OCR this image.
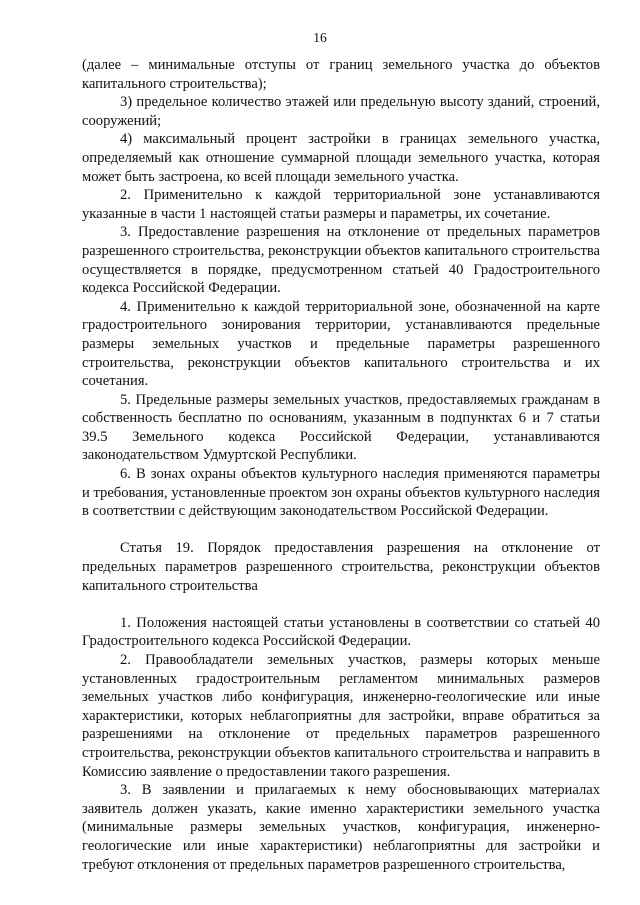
16

(далее – минимальные отступы от границ земельного участка до объектов капитального строительства);

3) предельное количество этажей или предельную высоту зданий, строений, сооружений;

4) максимальный процент застройки в границах земельного участка, определяемый как отношение суммарной площади земельного участка, которая может быть застроена, ко всей площади земельного участка.

2. Применительно к каждой территориальной зоне устанавливаются указанные в части 1 настоящей статьи размеры и параметры, их сочетание.

3. Предоставление разрешения на отклонение от предельных параметров разрешенного строительства, реконструкции объектов капитального строительства осуществляется в порядке, предусмотренном статьей 40 Градостроительного кодекса Российской Федерации.

4. Применительно к каждой территориальной зоне, обозначенной на карте градостроительного зонирования территории, устанавливаются предельные размеры земельных участков и предельные параметры разрешенного строительства, реконструкции объектов капитального строительства и их сочетания.

5. Предельные размеры земельных участков, предоставляемых гражданам в собственность бесплатно по основаниям, указанным в подпунктах 6 и 7 статьи 39.5 Земельного кодекса Российской Федерации, устанавливаются законодательством Удмуртской Республики.

6. В зонах охраны объектов культурного наследия применяются параметры и требования, установленные проектом зон охраны объектов культурного наследия в соответствии с действующим законодательством Российской Федерации.

Статья 19. Порядок предоставления разрешения на отклонение от предельных параметров разрешенного строительства, реконструкции объектов капитального строительства

1. Положения настоящей статьи установлены в соответствии со статьей 40 Градостроительного кодекса Российской Федерации.

2. Правообладатели земельных участков, размеры которых меньше установленных градостроительным регламентом минимальных размеров земельных участков либо конфигурация, инженерно-геологические или иные характеристики, которых неблагоприятны для застройки, вправе обратиться за разрешениями на отклонение от предельных параметров разрешенного строительства, реконструкции объектов капитального строительства и направить в Комиссию заявление о предоставлении такого разрешения.

3. В заявлении и прилагаемых к нему обосновывающих материалах заявитель должен указать, какие именно характеристики земельного участка (минимальные размеры земельных участков, конфигурация, инженерно-геологические или иные характеристики) неблагоприятны для застройки и требуют отклонения от предельных параметров разрешенного строительства,
